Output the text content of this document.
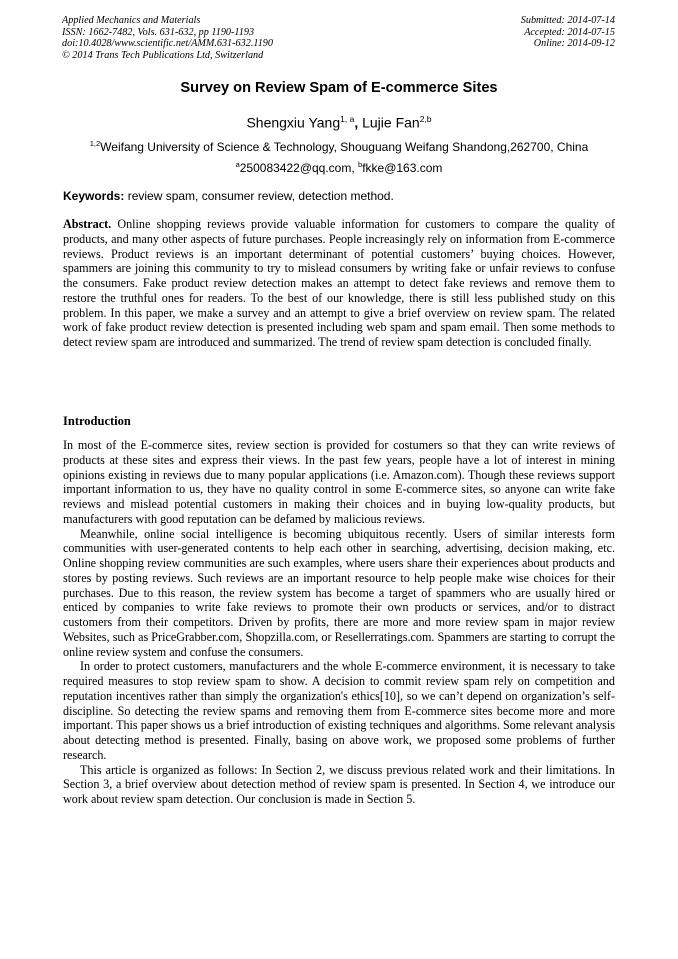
Applied Mechanics and Materials
ISSN: 1662-7482, Vols. 631-632, pp 1190-1193
doi:10.4028/www.scientific.net/AMM.631-632.1190
© 2014 Trans Tech Publications Ltd, Switzerland
Submitted: 2014-07-14
Accepted: 2014-07-15
Online: 2014-09-12
Survey on Review Spam of E-commerce Sites
Shengxiu Yang$^{1, a}$, Lujie Fan$^{2,b}$
$^{1,2}$Weifang University of Science & Technology, Shouguang Weifang Shandong,262700, China
$^a$250083422@qq.com, $^b$fkke@163.com
Keywords: review spam, consumer review, detection method.
Abstract. Online shopping reviews provide valuable information for customers to compare the quality of products, and many other aspects of future purchases. People increasingly rely on information from E-commerce reviews. Product reviews is an important determinant of potential customers’ buying choices. However, spammers are joining this community to try to mislead consumers by writing fake or unfair reviews to confuse the consumers. Fake product review detection makes an attempt to detect fake reviews and remove them to restore the truthful ones for readers. To the best of our knowledge, there is still less published study on this problem. In this paper, we make a survey and an attempt to give a brief overview on review spam. The related work of fake product review detection is presented including web spam and spam email. Then some methods to detect review spam are introduced and summarized. The trend of review spam detection is concluded finally.
Introduction

In most of the E-commerce sites, review section is provided for costumers so that they can write reviews of products at these sites and express their views. In the past few years, people have a lot of interest in mining opinions existing in reviews due to many popular applications (i.e. Amazon.com). Though these reviews support important information to us, they have no quality control in some E-commerce sites, so anyone can write fake reviews and mislead potential customers in making their choices and in buying low-quality products, but manufacturers with good reputation can be defamed by malicious reviews.

Meanwhile, online social intelligence is becoming ubiquitous recently. Users of similar interests form communities with user-generated contents to help each other in searching, advertising, decision making, etc. Online shopping review communities are such examples, where users share their experiences about products and stores by posting reviews. Such reviews are an important resource to help people make wise choices for their purchases. Due to this reason, the review system has become a target of spammers who are usually hired or enticed by companies to write fake reviews to promote their own products or services, and/or to distract customers from their competitors. Driven by profits, there are more and more review spam in major review Websites, such as PriceGrabber.com, Shopzilla.com, or Resellerratings.com. Spammers are starting to corrupt the online review system and confuse the consumers.

In order to protect customers, manufacturers and the whole E-commerce environment, it is necessary to take required measures to stop review spam to show. A decision to commit review spam rely on competition and reputation incentives rather than simply the organization's ethics[10], so we can’t depend on organization’s self-discipline. So detecting the review spams and removing them from E-commerce sites become more and more important. This paper shows us a brief introduction of existing techniques and algorithms. Some relevant analysis about detecting method is presented. Finally, basing on above work, we proposed some problems of further research.

This article is organized as follows: In Section 2, we discuss previous related work and their limitations. In Section 3, a brief overview about detection method of review spam is presented. In Section 4, we introduce our work about review spam detection. Our conclusion is made in Section 5.
